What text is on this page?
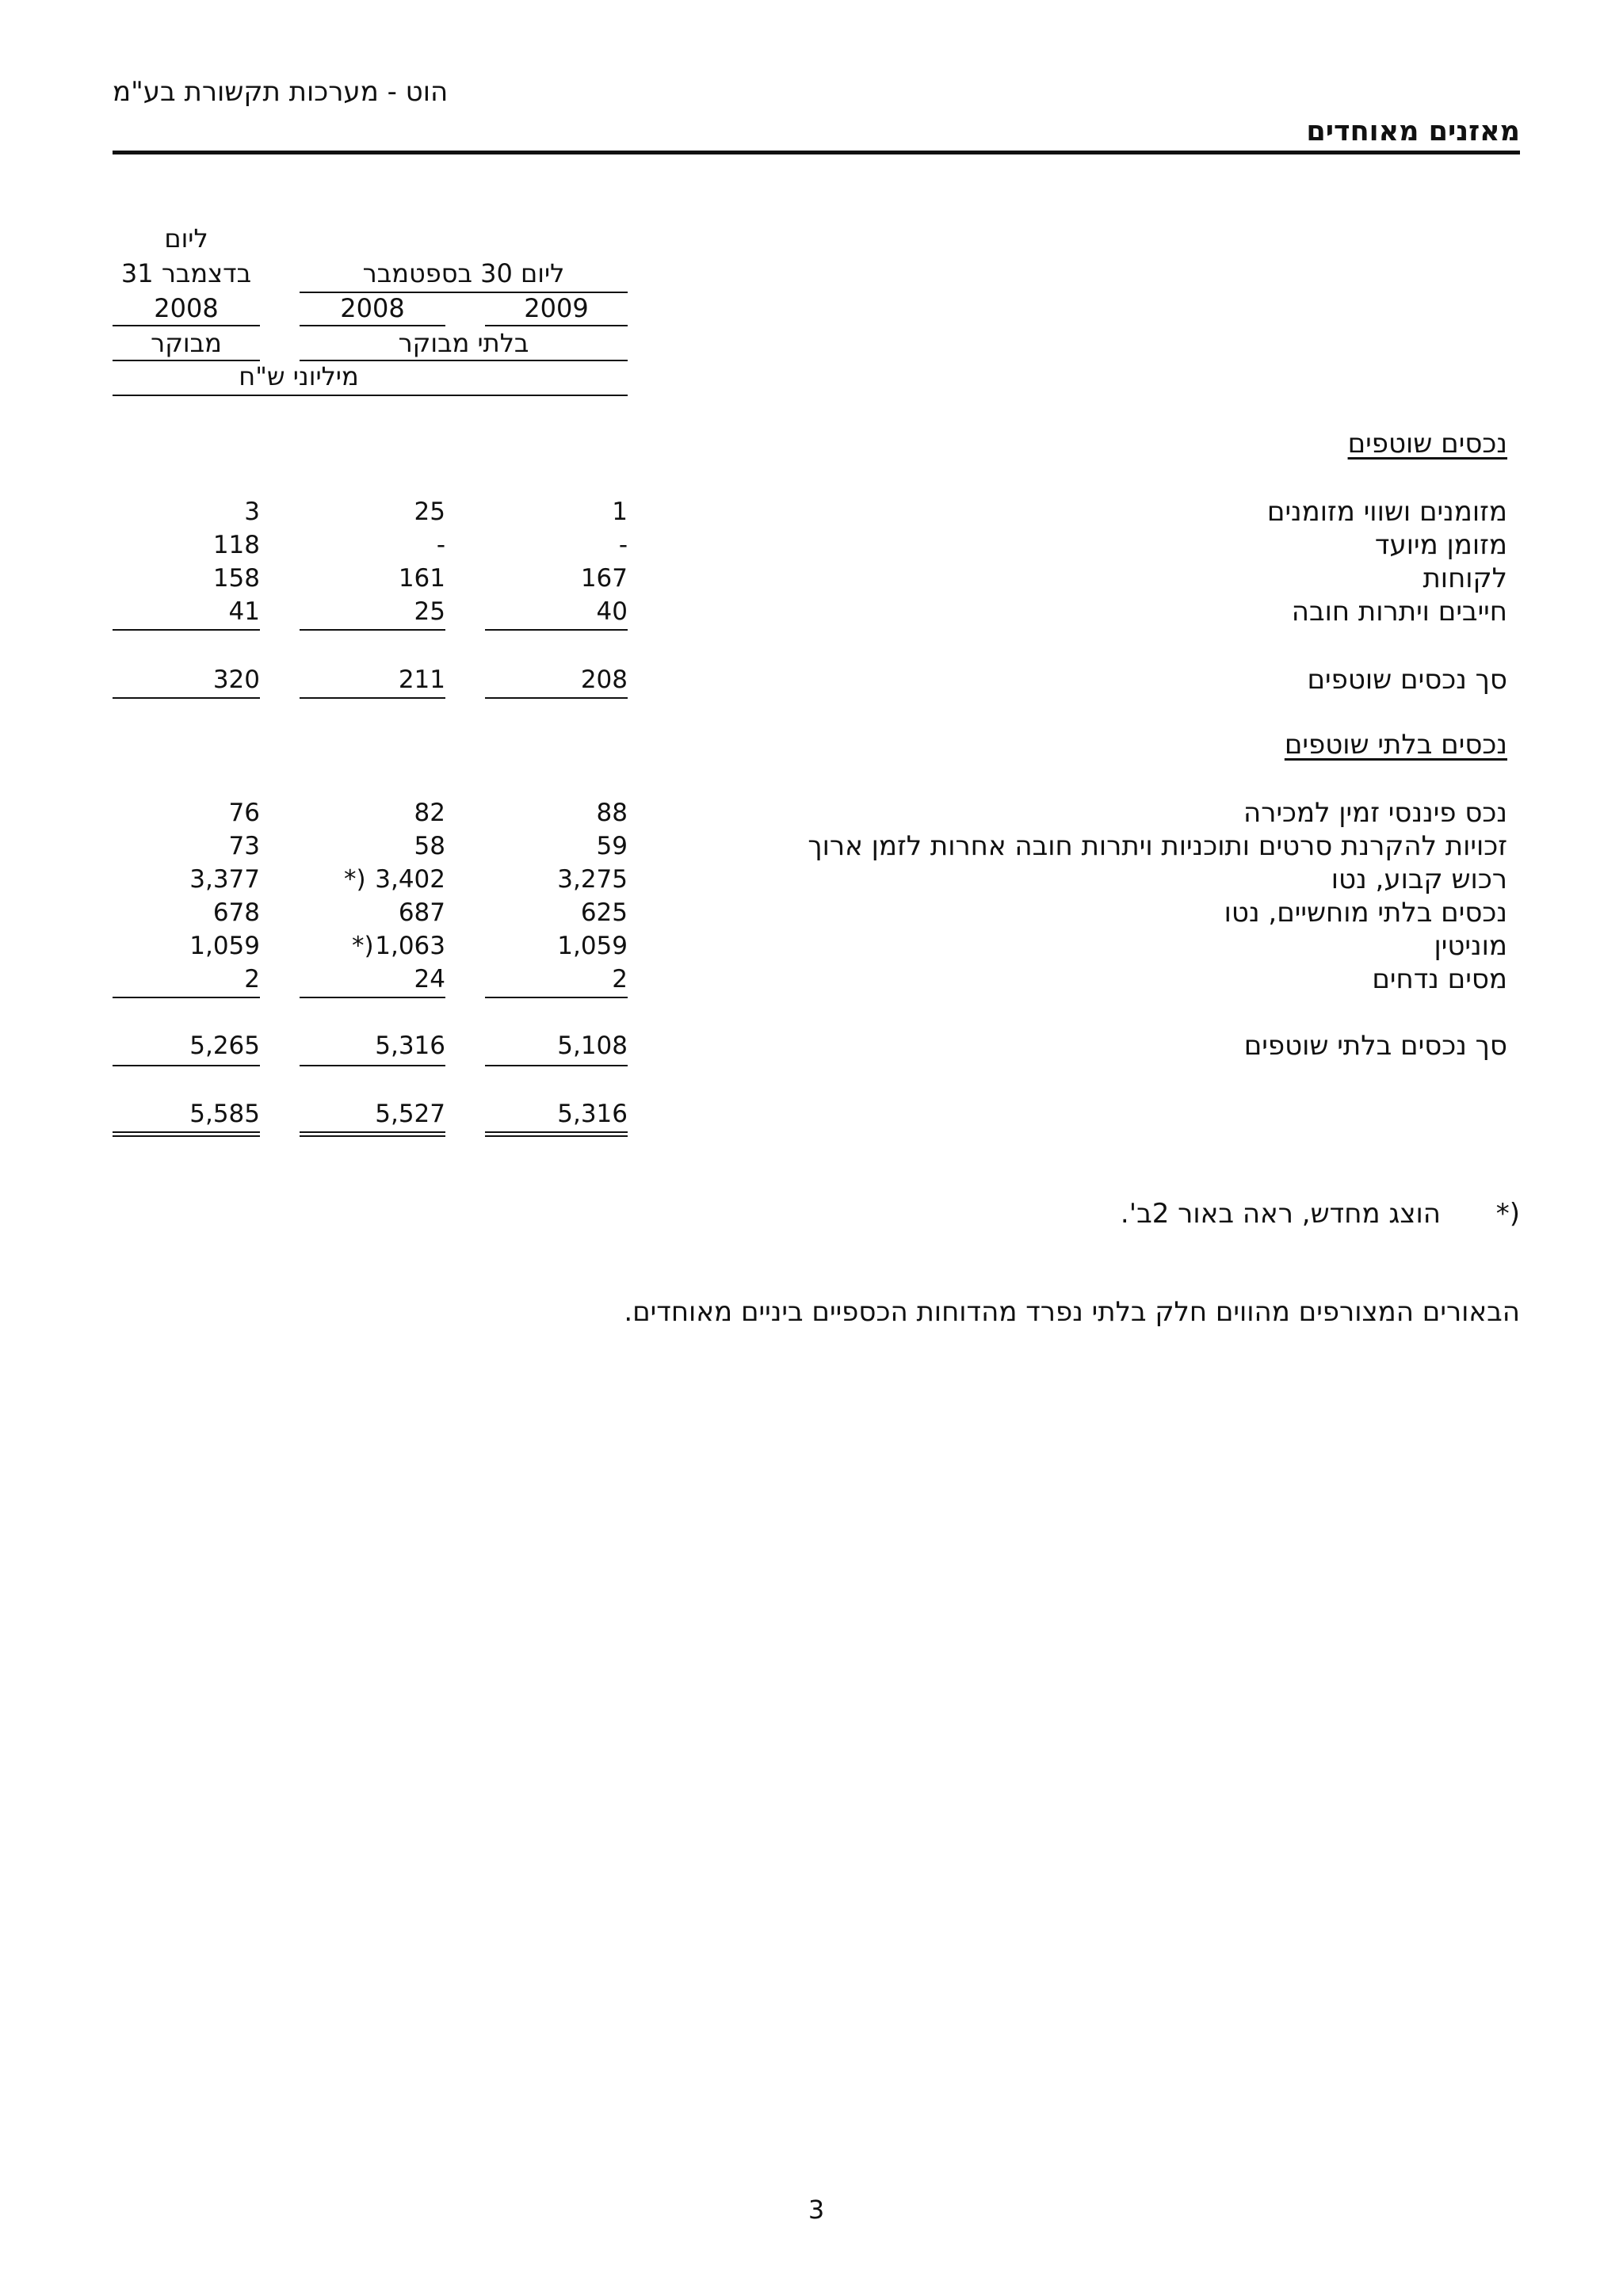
הוט - מערכות תקשורת בע"מ
מאזנים מאוחדים
ליום
31 בדצמבר	ליום 30 בספטמבר
2009
2008
2008
בלתי מבוקר
מבוקר
מיליוני ש"ח
נכסים שוטפים
מזומנים ושווי מזומנים
1
25
3
מזומן מיועד
-
-
118
לקוחות
167
161
158
חייבים ויתרות חובה
40
25
41
סך נכסים שוטפים
208
211
320
נכסים בלתי שוטפים
נכס פיננסי זמין למכירה
88
82
76
זכויות להקרנת סרטים ותוכניות ויתרות חובה אחרות לזמן ארוך
59
58
73
רכוש קבוע, נטו
3,275
*) 3,402
3,377
נכסים בלתי מוחשיים, נטו
625
687
678
מוניטין
1,059
*) 1,063
1,059
מסים נדחים
2
24
2
סך נכסים בלתי שוטפים
5,108
5,316
5,265
5,316
5,527
5,585
*)
הוצג מחדש, ראה באור 2ב'.
הבאורים המצורפים מהווים חלק בלתי נפרד מהדוחות הכספיים ביניים מאוחדים.
3
